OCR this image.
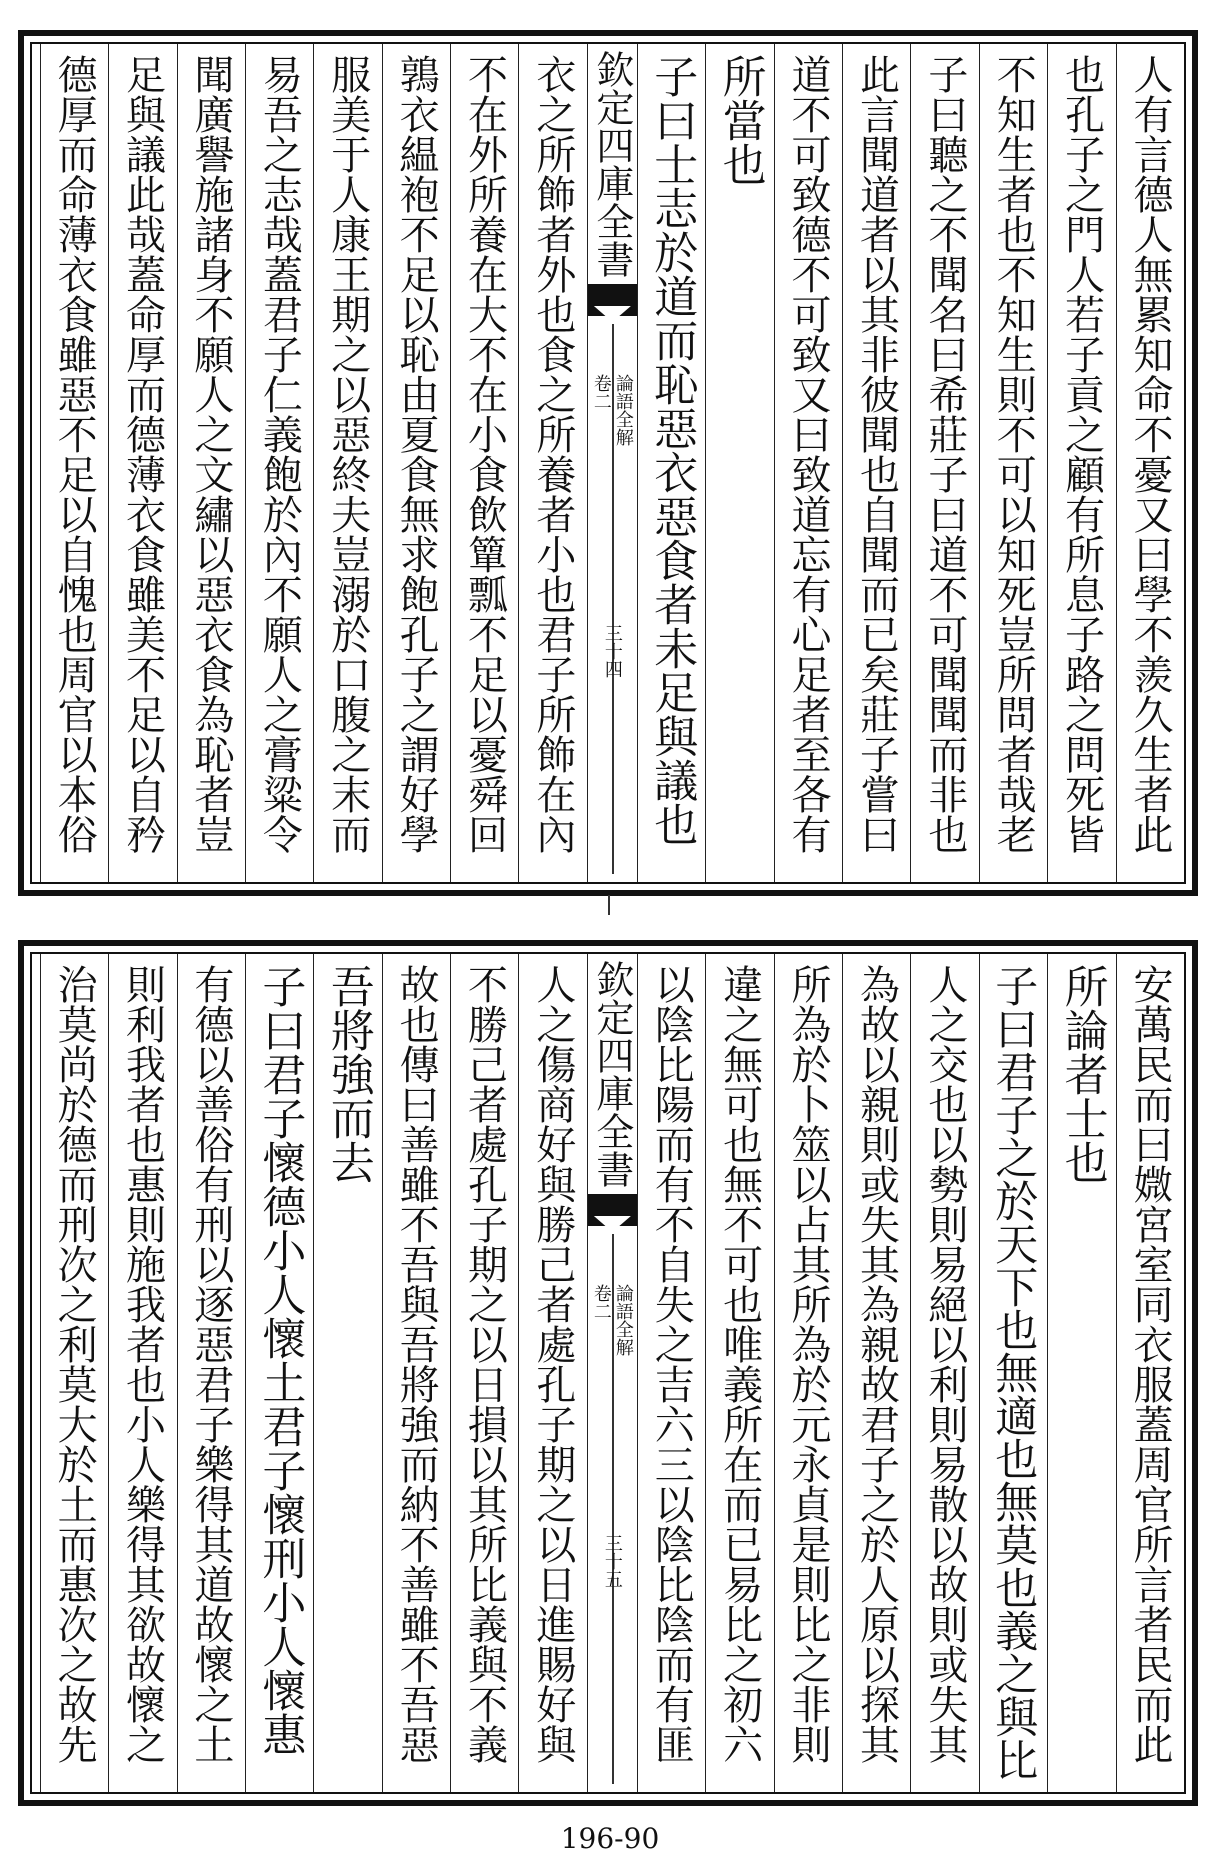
人有言德人無累知命不憂又曰學不羨久生者此
也孔子之門人若子貢之顧有所息子路之問死皆
不知生者也不知生則不可以知死豈所問者哉老
子曰聽之不聞名曰希莊子曰道不可聞聞而非也
此言聞道者以其非彼聞也自聞而已矣莊子嘗曰
道不可致德不可致又曰致道忘有心足者至各有
所當也
子曰士志於道而恥惡衣惡食者未足與議也
欽定四庫全書
論語全解
卷二
三十四
衣之所飾者外也食之所養者小也君子所飾在內
不在外所養在大不在小食飲簞瓢不足以憂舜回
鶉衣緼袍不足以恥由夏食無求飽孔子之謂好學
服美于人康王期之以惡終夫豈溺於口腹之末而
易吾之志哉蓋君子仁義飽於內不願人之膏粱令
聞廣譽施諸身不願人之文繡以惡衣食為恥者豈
足與議此哉蓋命厚而德薄衣食雖美不足以自矜
德厚而命薄衣食雖惡不足以自愧也周官以本俗
安萬民而曰媺宮室同衣服蓋周官所言者民而此
所論者士也
子曰君子之於天下也無適也無莫也義之與比
人之交也以勢則易絕以利則易散以故則或失其
為故以親則或失其為親故君子之於人原以探其
所為於卜筮以占其所為於元永貞是則比之非則
違之無可也無不可也唯義所在而已易比之初六
以陰比陽而有不自失之吉六三以陰比陰而有匪
欽定四庫全書
論語全解
卷二
三十五
人之傷商好與勝己者處孔子期之以日進賜好與
不勝己者處孔子期之以日損以其所比義與不義
故也傳曰善雖不吾與吾將強而納不善雖不吾惡
吾將強而去
子曰君子懷德小人懷土君子懷刑小人懷惠
有德以善俗有刑以逐惡君子樂得其道故懷之土
則利我者也惠則施我者也小人樂得其欲故懷之
治莫尚於德而刑次之利莫大於土而惠次之故先
196-90
